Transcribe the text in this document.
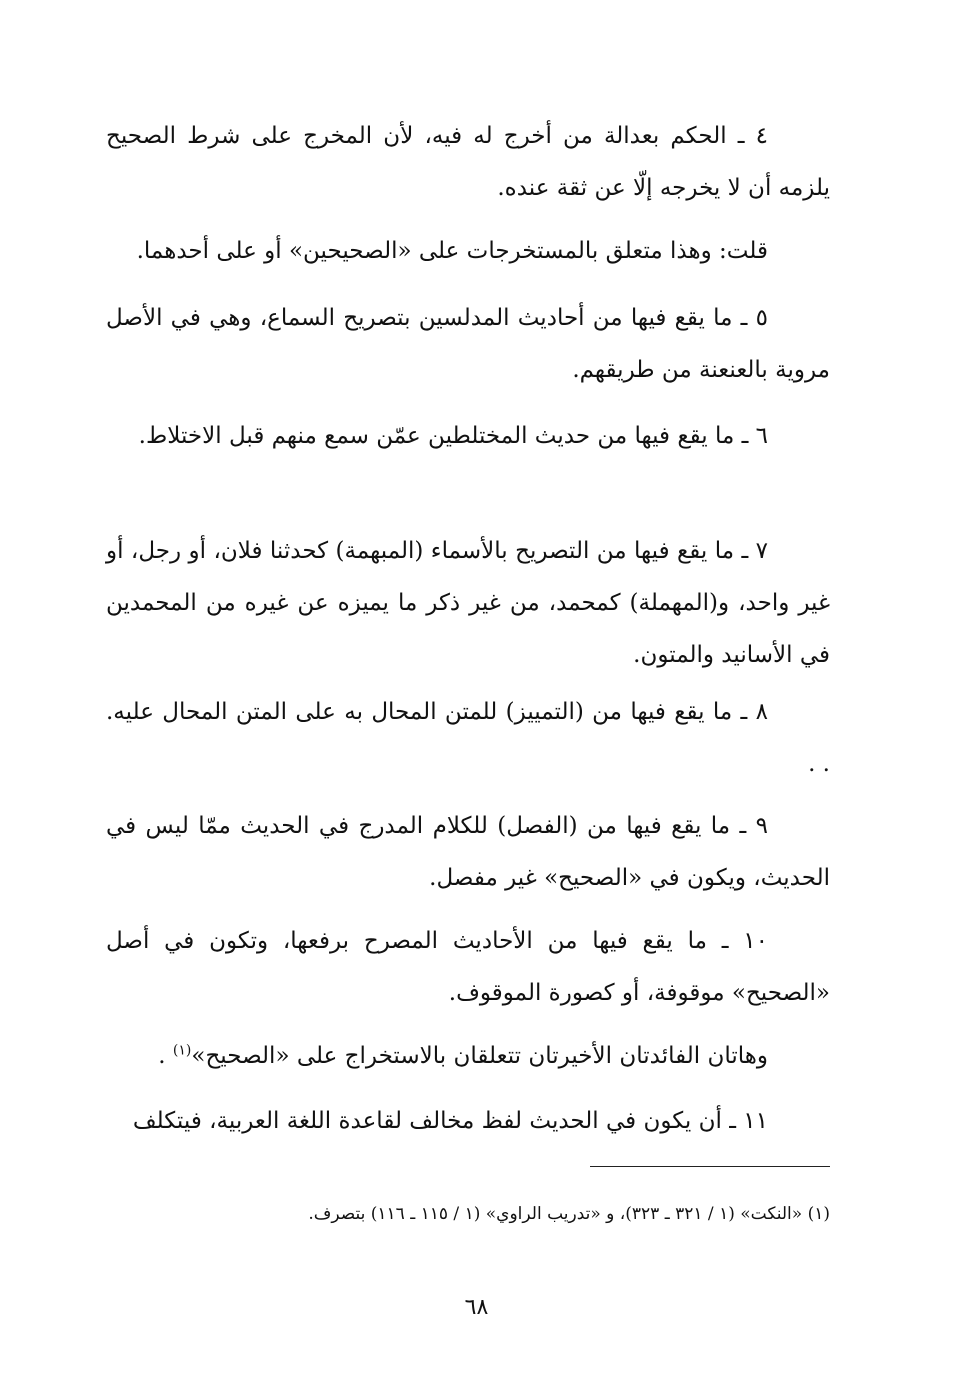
٤ ـ الحكم بعدالة من أخرج له فيه، لأن المخرج على شرط الصحيح يلزمه أن لا يخرجه إلّا عن ثقة عنده.

قلت: وهذا متعلق بالمستخرجات على «الصحيحين» أو على أحدهما.

٥ ـ ما يقع فيها من أحاديث المدلسين بتصريح السماع، وهي في الأصل مروية بالعنعنة من طريقهم.

٦ ـ ما يقع فيها من حديث المختلطين عمّن سمع منهم قبل الاختلاط.

٧ ـ ما يقع فيها من التصريح بالأسماء (المبهمة) كحدثنا فلان، أو رجل، أو غير واحد، و(المهملة) كمحمد، من غير ذكر ما يميزه عن غيره من المحمدين في الأسانيد والمتون.

٨ ـ ما يقع فيها من (التمييز) للمتن المحال به على المتن المحال عليه. . .

٩ ـ ما يقع فيها من (الفصل) للكلام المدرج في الحديث ممّا ليس في الحديث، ويكون في «الصحيح» غير مفصل.

١٠ ـ ما يقع فيها من الأحاديث المصرح برفعها، وتكون في أصل «الصحيح» موقوفة، أو كصورة الموقوف.

وهاتان الفائدتان الأخيرتان تتعلقان بالاستخراج على «الصحيح»$^{(١)}$ .

١١ ـ أن يكون في الحديث لفظ مخالف لقاعدة اللغة العربية، فيتكلف

(١) «النكت» (١ / ٣٢١ ـ ٣٢٣)، و «تدريب الراوي» (١ / ١١٥ ـ ١١٦) بتصرف.

٦٨
